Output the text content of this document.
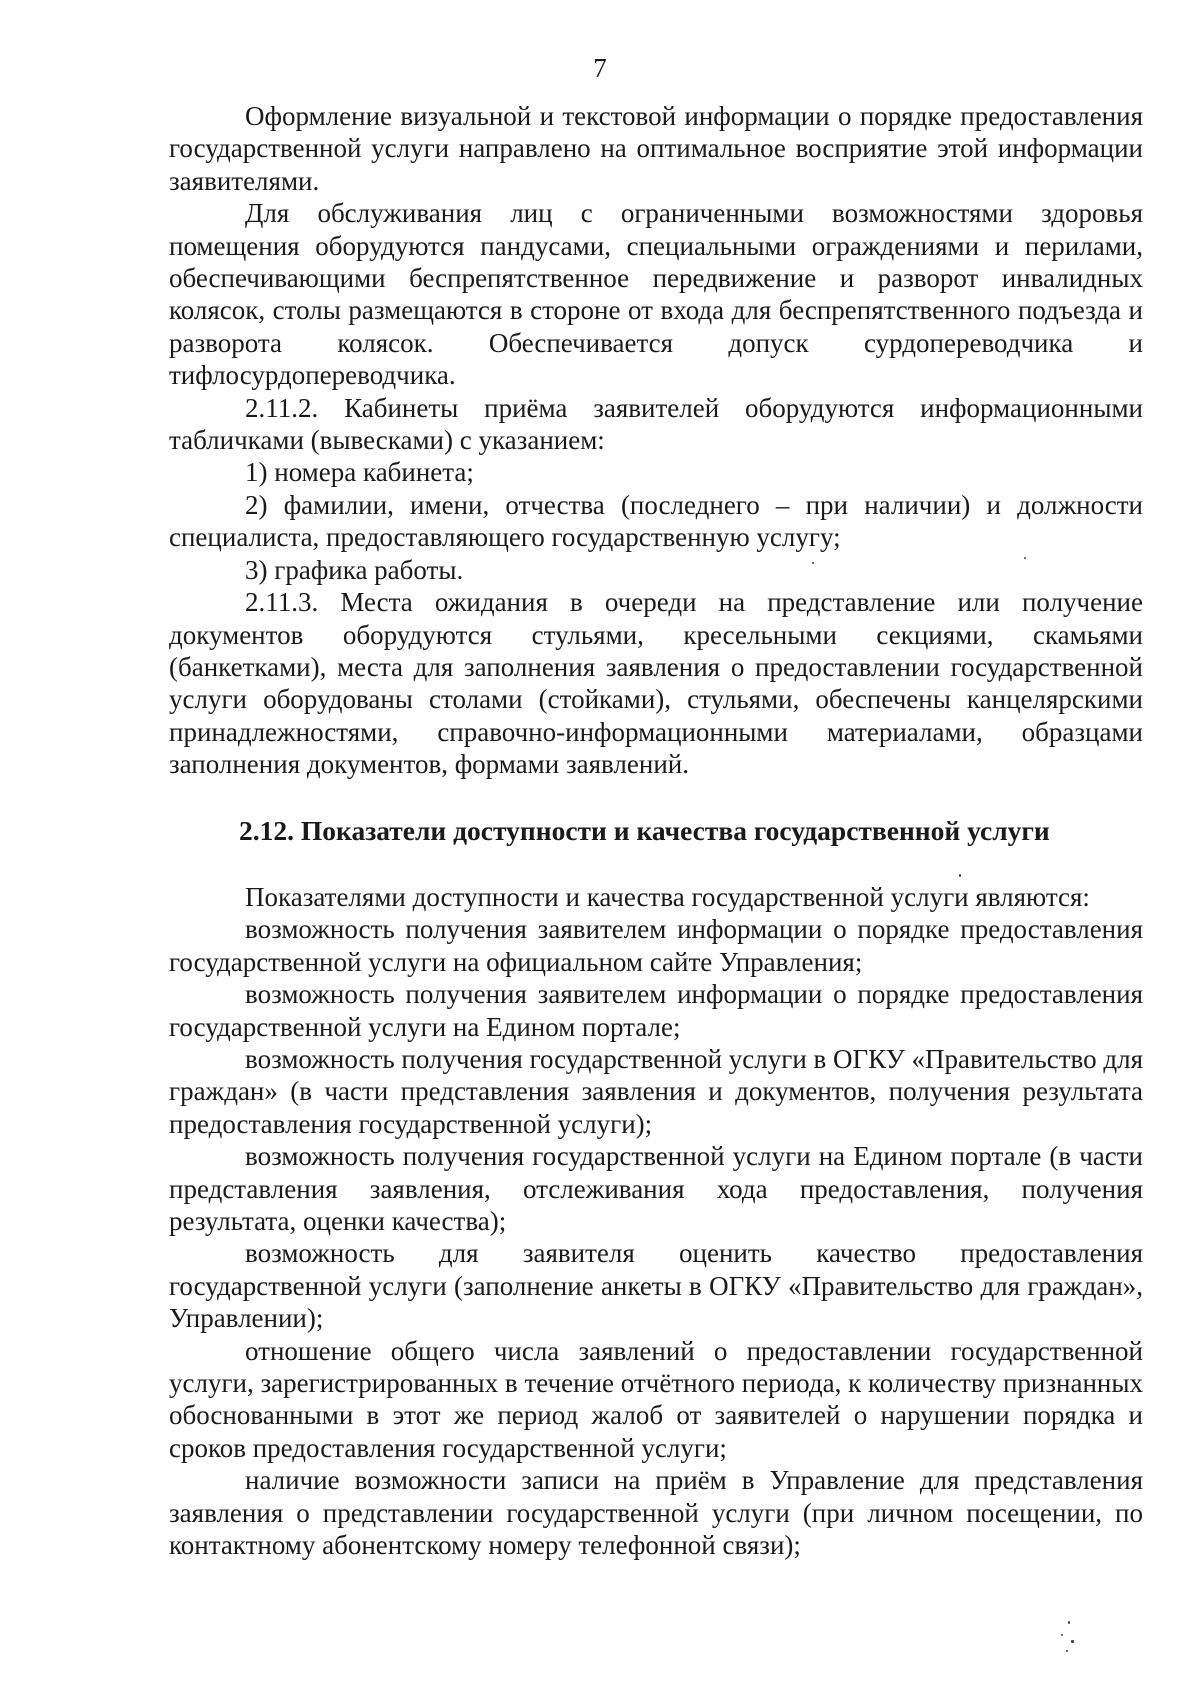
7

Оформление визуальной и текстовой информации о порядке предоставления государственной услуги направлено на оптимальное восприятие этой информации заявителями.

Для обслуживания лиц с ограниченными возможностями здоровья помещения оборудуются пандусами, специальными ограждениями и перилами, обеспечивающими беспрепятственное передвижение и разворот инвалидных колясок, столы размещаются в стороне от входа для беспрепятственного подъезда и разворота колясок. Обеспечивается допуск сурдопереводчика и тифлосурдопереводчика.

2.11.2. Кабинеты приёма заявителей оборудуются информационными табличками (вывесками) с указанием:

1) номера кабинета;

2) фамилии, имени, отчества (последнего – при наличии) и должности специалиста, предоставляющего государственную услугу;

3) графика работы.

2.11.3. Места ожидания в очереди на представление или получение документов оборудуются стульями, кресельными секциями, скамьями (банкетками), места для заполнения заявления о предоставлении государственной услуги оборудованы столами (стойками), стульями, обеспечены канцелярскими принадлежностями, справочно-информационными материалами, образцами заполнения документов, формами заявлений.

2.12. Показатели доступности и качества государственной услуги

Показателями доступности и качества государственной услуги являются:

возможность получения заявителем информации о порядке предоставления государственной услуги на официальном сайте Управления;

возможность получения заявителем информации о порядке предоставления государственной услуги на Едином портале;

возможность получения государственной услуги в ОГКУ «Правительство для граждан» (в части представления заявления и документов, получения результата предоставления государственной услуги);

возможность получения государственной услуги на Едином портале (в части представления заявления, отслеживания хода предоставления, получения результата, оценки качества);

возможность для заявителя оценить качество предоставления государственной услуги (заполнение анкеты в ОГКУ «Правительство для граждан», Управлении);

отношение общего числа заявлений о предоставлении государственной услуги, зарегистрированных в течение отчётного периода, к количеству признанных обоснованными в этот же период жалоб от заявителей о нарушении порядка и сроков предоставления государственной услуги;

наличие возможности записи на приём в Управление для представления заявления о представлении государственной услуги (при личном посещении, по контактному абонентскому номеру телефонной связи);
